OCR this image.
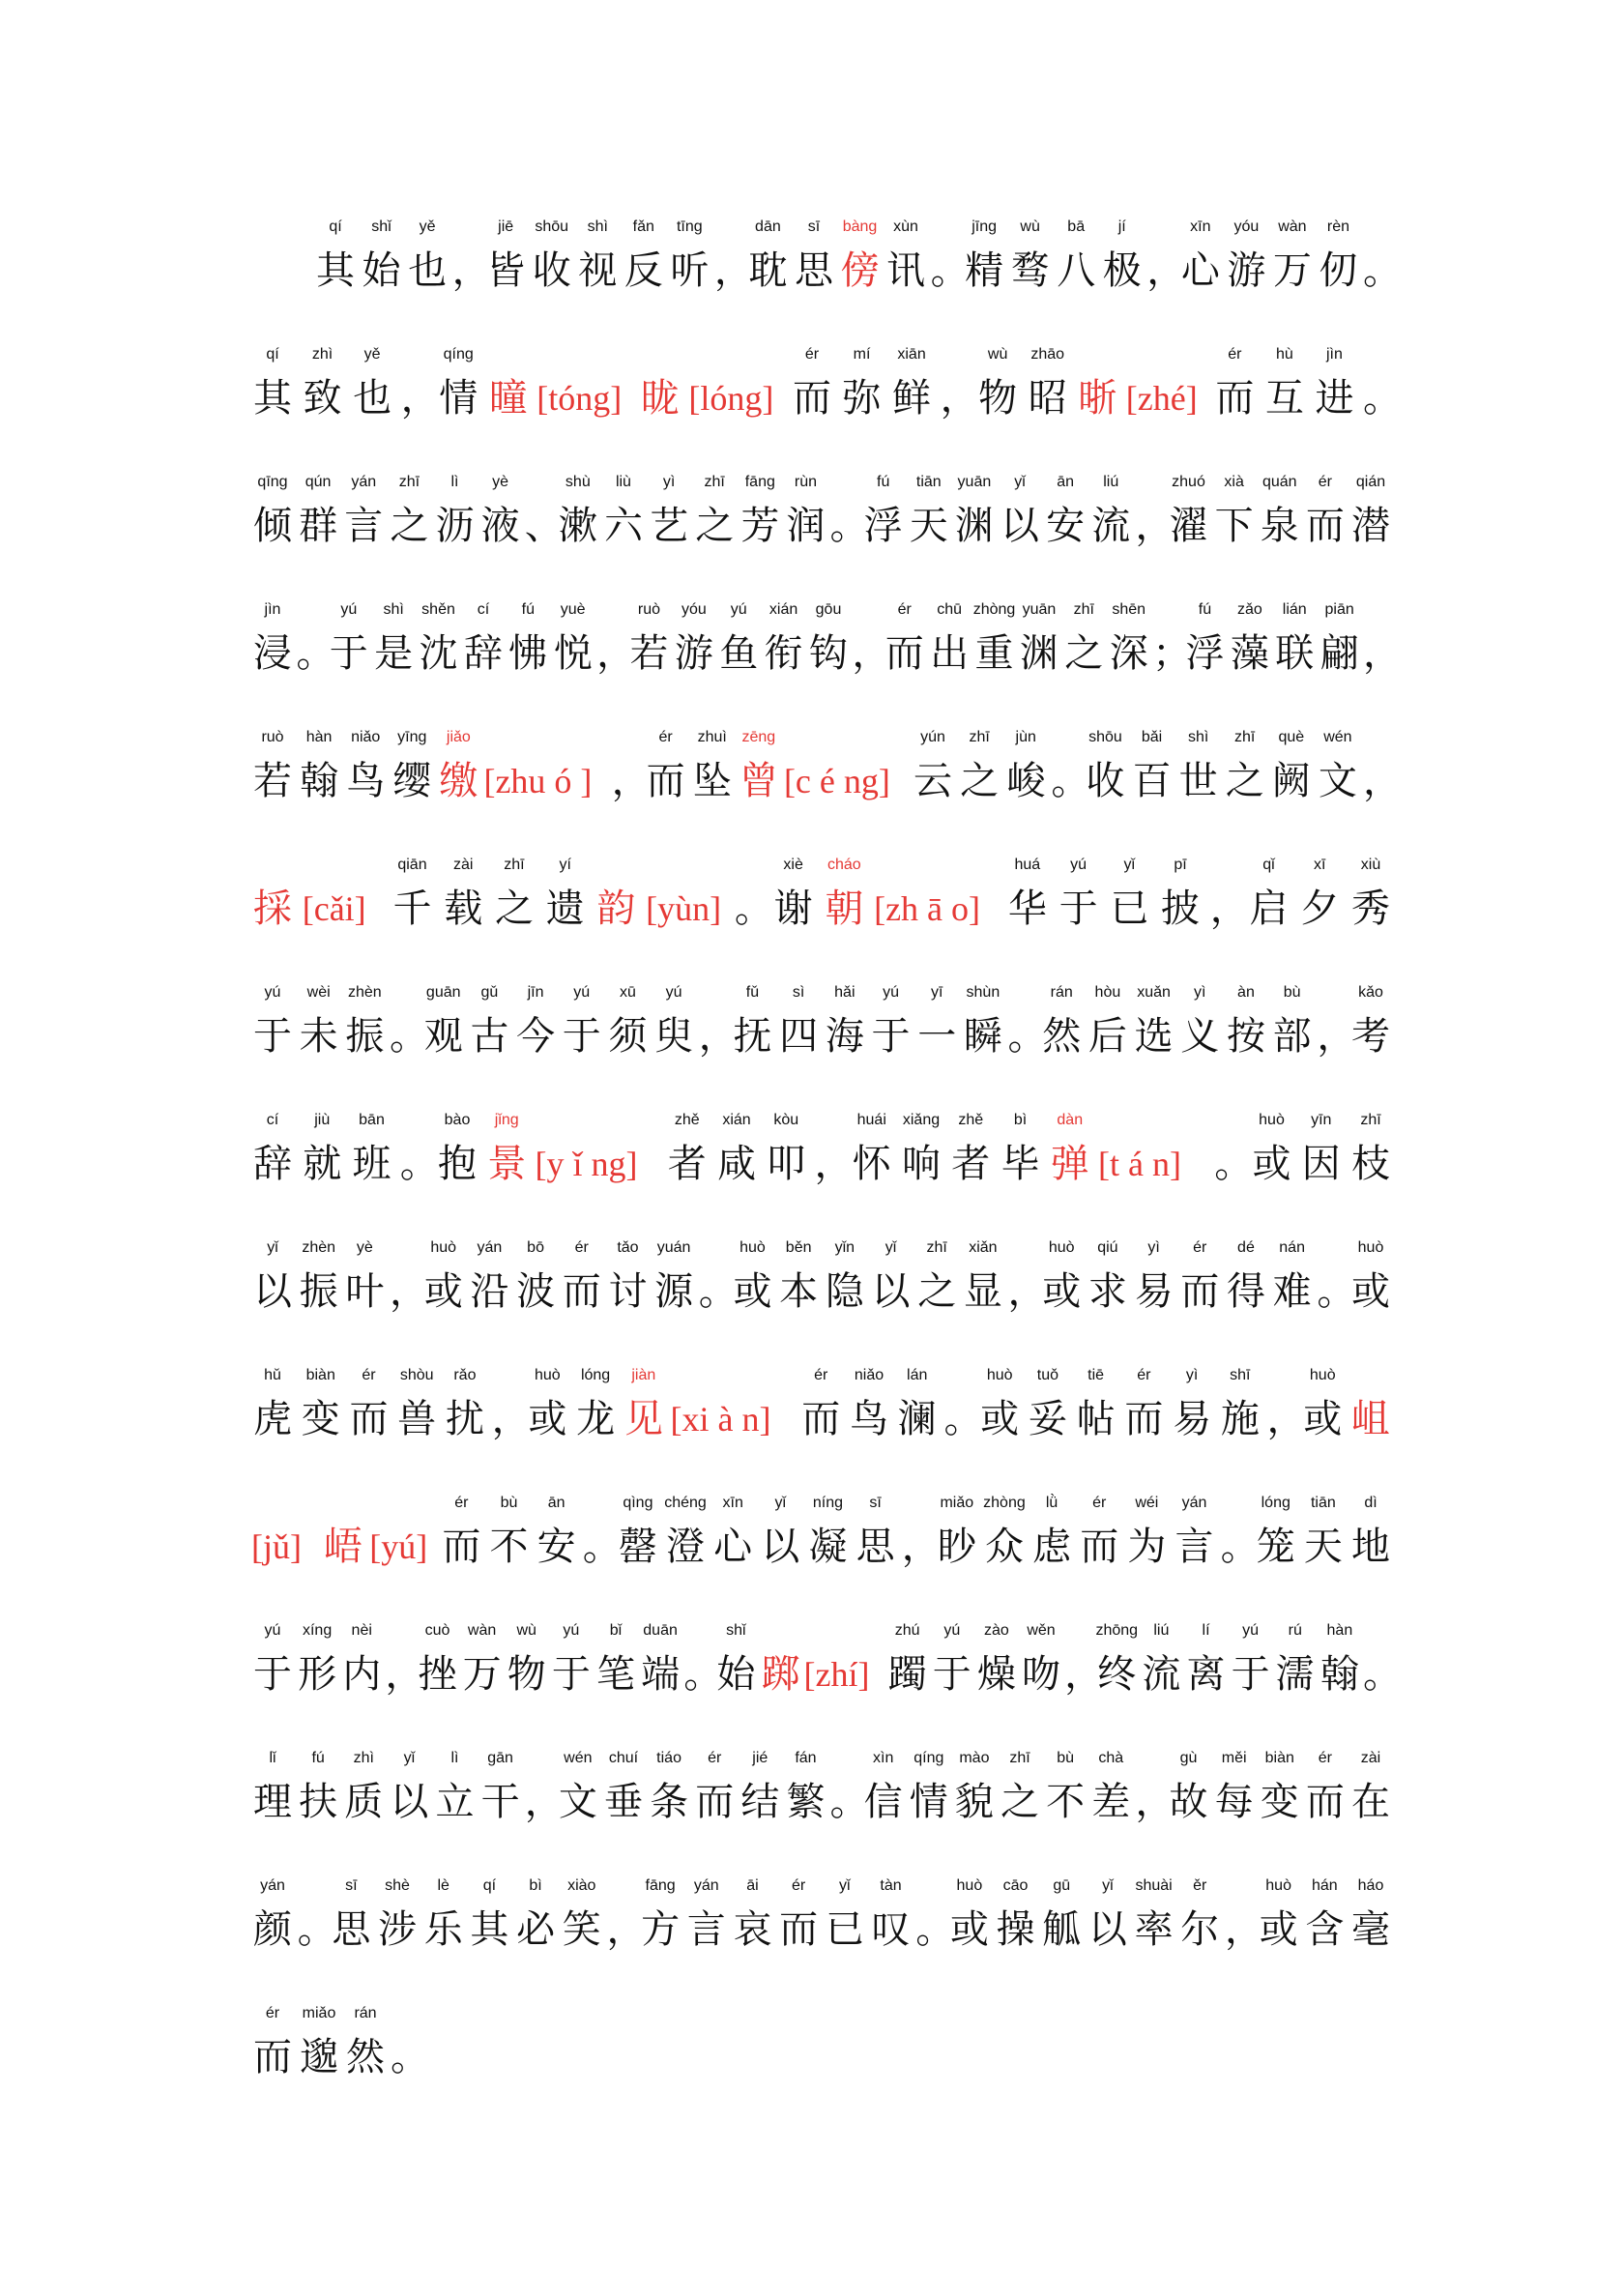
qí
其
shǐ
始
yě
也 ，
jiē
皆
shōu
收
shì
视
fǎn
反
tīng
听 ，
dān
耽
sī
思
bàng
傍
xùn
讯 。
jīng
精
wù
骛
bā
八
jí
极 ，
xīn
心
yóu
游
wàn
万
rèn
仞 。
qí
其
zhì
致
yě
也 ，
qíng
情 曈 [tóng] 昽 [lóng]
ér
而
mí
弥
xiān
鲜 ，
wù
物
zhāo
昭 晣 [zhé]
ér
而
hù
互
jìn
进 。
qīng
倾
qún
群
yán
言
zhī
之
lì
沥
yè
液 、
shù
漱
liù
六
yì
艺
zhī
之
fāng
芳
rùn
润 。
fú
浮
tiān
天
yuān
渊
yǐ
以
ān
安
liú
流 ，
zhuó
濯
xià
下
quán
泉
ér
而
qián
潜
jìn
浸 。
yú
于
shì
是
shěn
沈
cí
辞
fú
怫
yuè
悦 ，
ruò
若
yóu
游
yú
鱼
xián
衔
gōu
钩 ，
ér
而
chū
出
zhòng
重
yuān
渊
zhī
之
shēn
深 ；
fú
浮
zǎo
藻
lián
联
piān
翩 ，
ruò
若
hàn
翰
niǎo
鸟
yīng
缨
jiǎo
缴 [zhu ó ] ，
ér
而
zhuì
坠
zēng
曾 [c é ng]
yún
云
zhī
之
jùn
峻 。
shōu
收
bǎi
百
shì
世
zhī
之
què
阙
wén
文 ，
採 [cǎi]
qiān
千
zài
载
zhī
之
yí
遗 韵 [yùn] 。
xiè
谢
cháo
朝 [zh ā o]
huá
华
yú
于
yǐ
已
pī
披 ，
qǐ
启
xī
夕
xiù
秀
yú
于
wèi
未
zhèn
振 。
guān
观
gǔ
古
jīn
今
yú
于
xū
须
yú
臾 ，
fǔ
抚
sì
四
hǎi
海
yú
于
yī
一
shùn
瞬 。
rán
然
hòu
后
xuǎn
选
yì
义
àn
按
bù
部 ，
kǎo
考
cí
辞
jiù
就
bān
班 。
bào
抱
jǐng
景 [y ǐ ng]
zhě
者
xián
咸
kòu
叩 ，
huái
怀
xiǎng
响
zhě
者
bì
毕
dàn
弹 [t á n] 。
huò
或
yīn
因
zhī
枝
yǐ
以
zhèn
振
yè
叶 ，
huò
或
yán
沿
bō
波
ér
而
tǎo
讨
yuán
源 。
huò
或
běn
本
yǐn
隐
yǐ
以
zhī
之
xiǎn
显 ，
huò
或
qiú
求
yì
易
ér
而
dé
得
nán
难 。
huò
或
hǔ
虎
biàn
变
ér
而
shòu
兽
rǎo
扰 ，
huò
或
lóng
龙
jiàn
见 [xi à n]
ér
而
niǎo
鸟
lán
澜 。
huò
或
tuǒ
妥
tiē
帖
ér
而
yì
易
shī
施 ，
huò
或 岨
[jǔ] 峿 [yú]
ér
而
bù
不
ān
安 。
qìng
罄
chéng
澄
xīn
心
yǐ
以
níng
凝
sī
思 ，
miǎo
眇
zhòng
众
lǜ
虑
ér
而
wéi
为
yán
言 。
lóng
笼
tiān
天
dì
地
yú
于
xíng
形
nèi
内 ，
cuò
挫
wàn
万
wù
物
yú
于
bǐ
笔
duān
端 。
shǐ
始 踯 [zhí]
zhú
躅
yú
于
zào
燥
wěn
吻 ，
zhōng
终
liú
流
lí
离
yú
于
rú
濡
hàn
翰 。
lǐ
理
fú
扶
zhì
质
yǐ
以
lì
立
gān
干 ，
wén
文
chuí
垂
tiáo
条
ér
而
jié
结
fán
繁 。
xìn
信
qíng
情
mào
貌
zhī
之
bù
不
chà
差 ，
gù
故
měi
每
biàn
变
ér
而
zài
在
yán
颜 。
sī
思
shè
涉
lè
乐
qí
其
bì
必
xiào
笑 ，
fāng
方
yán
言
āi
哀
ér
而
yǐ
已
tàn
叹 。
huò
或
cāo
操
gū
觚
yǐ
以
shuài
率
ěr
尔 ，
huò
或
hán
含
háo
毫
ér
而
miǎo
邈
rán
然 。
